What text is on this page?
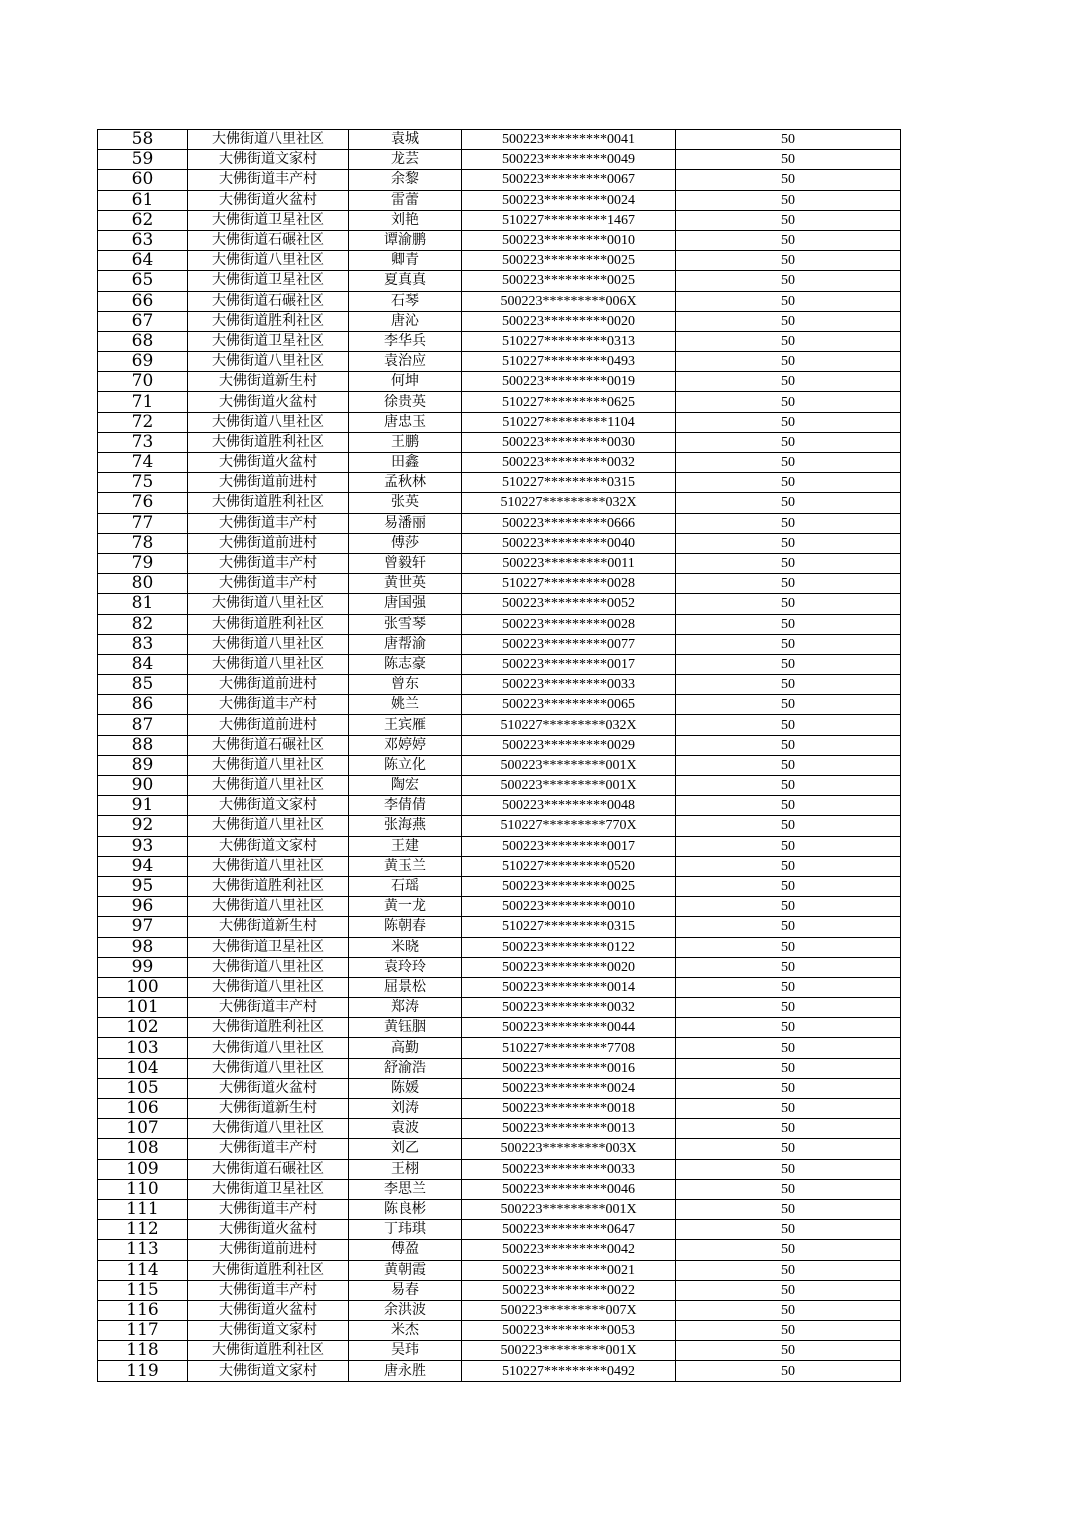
58	大佛街道八里社区	袁城	500223*********0041	50
59	大佛街道文家村	龙芸	500223*********0049	50
60	大佛街道丰产村	余黎	500223*********0067	50
61	大佛街道火盆村	雷蕾	500223*********0024	50
62	大佛街道卫星社区	刘艳	510227*********1467	50
63	大佛街道石碾社区	谭渝鹏	500223*********0010	50
64	大佛街道八里社区	卿青	500223*********0025	50
65	大佛街道卫星社区	夏真真	500223*********0025	50
66	大佛街道石碾社区	石琴	500223*********006X	50
67	大佛街道胜利社区	唐沁	500223*********0020	50
68	大佛街道卫星社区	李华兵	510227*********0313	50
69	大佛街道八里社区	袁治应	510227*********0493	50
70	大佛街道新生村	何坤	500223*********0019	50
71	大佛街道火盆村	徐贵英	510227*********0625	50
72	大佛街道八里社区	唐忠玉	510227*********1104	50
73	大佛街道胜利社区	王鹏	500223*********0030	50
74	大佛街道火盆村	田鑫	500223*********0032	50
75	大佛街道前进村	孟秋林	510227*********0315	50
76	大佛街道胜利社区	张英	510227*********032X	50
77	大佛街道丰产村	易潘丽	500223*********0666	50
78	大佛街道前进村	傅莎	500223*********0040	50
79	大佛街道丰产村	曾毅轩	500223*********0011	50
80	大佛街道丰产村	黄世英	510227*********0028	50
81	大佛街道八里社区	唐国强	500223*********0052	50
82	大佛街道胜利社区	张雪琴	500223*********0028	50
83	大佛街道八里社区	唐帮渝	500223*********0077	50
84	大佛街道八里社区	陈志豪	500223*********0017	50
85	大佛街道前进村	曾东	500223*********0033	50
86	大佛街道丰产村	姚兰	500223*********0065	50
87	大佛街道前进村	王宾雁	510227*********032X	50
88	大佛街道石碾社区	邓婷婷	500223*********0029	50
89	大佛街道八里社区	陈立化	500223*********001X	50
90	大佛街道八里社区	陶宏	500223*********001X	50
91	大佛街道文家村	李倩倩	500223*********0048	50
92	大佛街道八里社区	张海燕	510227*********770X	50
93	大佛街道文家村	王建	500223*********0017	50
94	大佛街道八里社区	黄玉兰	510227*********0520	50
95	大佛街道胜利社区	石瑶	500223*********0025	50
96	大佛街道八里社区	黄一龙	500223*********0010	50
97	大佛街道新生村	陈朝春	510227*********0315	50
98	大佛街道卫星社区	米晓	500223*********0122	50
99	大佛街道八里社区	袁玲玲	500223*********0020	50
100	大佛街道八里社区	屈景松	500223*********0014	50
101	大佛街道丰产村	郑涛	500223*********0032	50
102	大佛街道胜利社区	黄钰胭	500223*********0044	50
103	大佛街道八里社区	高勤	510227*********7708	50
104	大佛街道八里社区	舒渝浩	500223*********0016	50
105	大佛街道火盆村	陈媛	500223*********0024	50
106	大佛街道新生村	刘涛	500223*********0018	50
107	大佛街道八里社区	袁波	500223*********0013	50
108	大佛街道丰产村	刘乙	500223*********003X	50
109	大佛街道石碾社区	王栩	500223*********0033	50
110	大佛街道卫星社区	李思兰	500223*********0046	50
111	大佛街道丰产村	陈良彬	500223*********001X	50
112	大佛街道火盆村	丁玮琪	500223*********0647	50
113	大佛街道前进村	傅盈	500223*********0042	50
114	大佛街道胜利社区	黄朝霞	500223*********0021	50
115	大佛街道丰产村	易春	500223*********0022	50
116	大佛街道火盆村	余洪波	500223*********007X	50
117	大佛街道文家村	米杰	500223*********0053	50
118	大佛街道胜利社区	吴玮	500223*********001X	50
119	大佛街道文家村	唐永胜	510227*********0492	50
